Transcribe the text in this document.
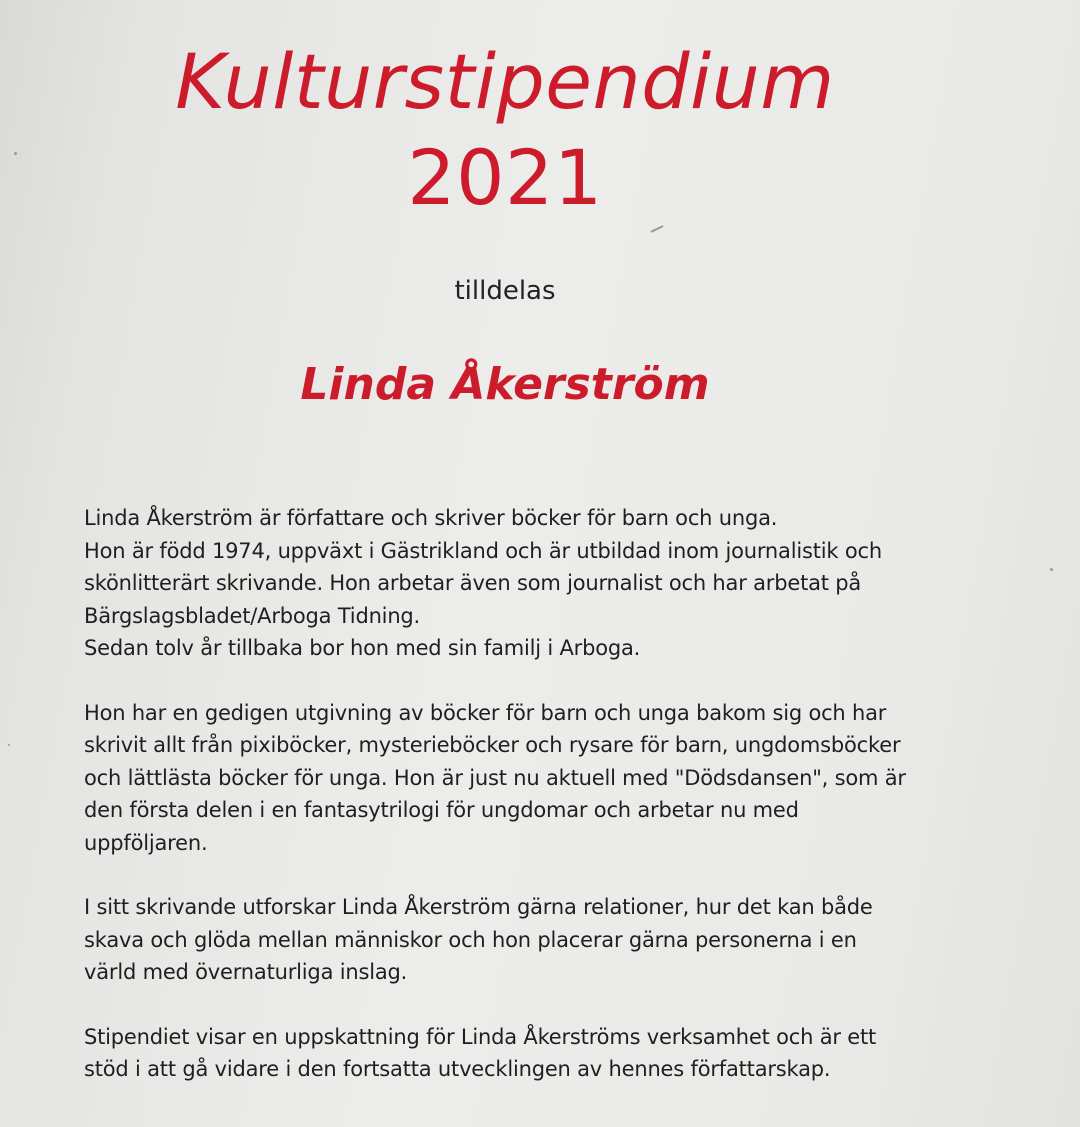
Kulturstipendium
2021
tilldelas
Linda Åkerström

Linda Åkerström är författare och skriver böcker för barn och unga.
Hon är född 1974, uppväxt i Gästrikland och är utbildad inom journalistik och
skönlitterärt skrivande. Hon arbetar även som journalist och har arbetat på
Bärgslagsbladet/Arboga Tidning.
Sedan tolv år tillbaka bor hon med sin familj i Arboga.

Hon har en gedigen utgivning av böcker för barn och unga bakom sig och har
skrivit allt från pixiböcker, mysterieböcker och rysare för barn, ungdomsböcker
och lättlästa böcker för unga. Hon är just nu aktuell med "Dödsdansen", som är
den första delen i en fantasytrilogi för ungdomar och arbetar nu med
uppföljaren.

I sitt skrivande utforskar Linda Åkerström gärna relationer, hur det kan både
skava och glöda mellan människor och hon placerar gärna personerna i en
värld med övernaturliga inslag.

Stipendiet visar en uppskattning för Linda Åkerströms verksamhet och är ett
stöd i att gå vidare i den fortsatta utvecklingen av hennes författarskap.
